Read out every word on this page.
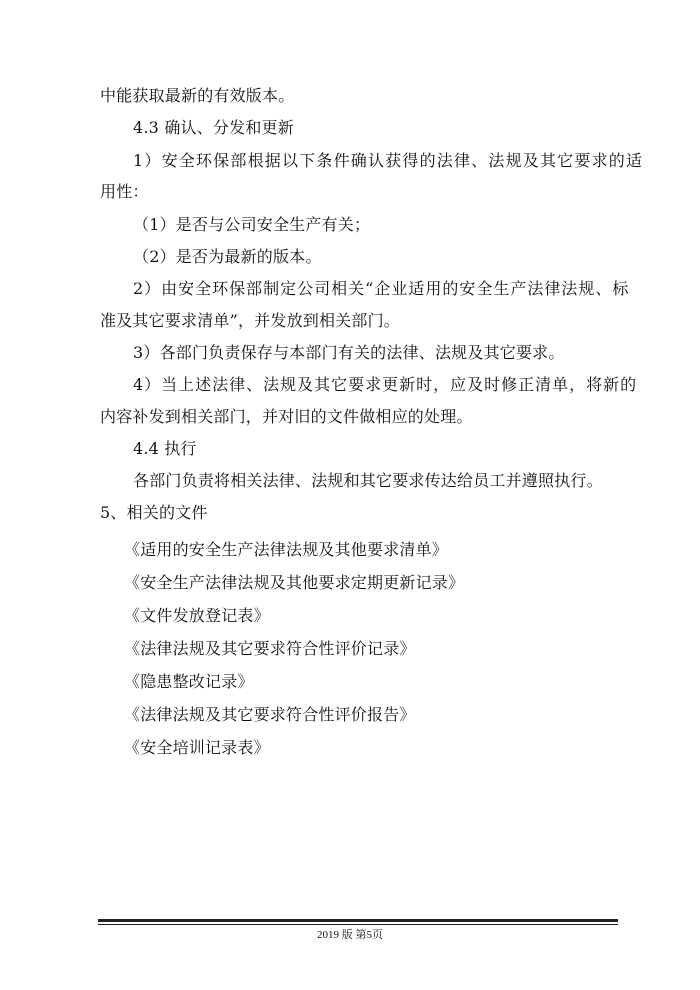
中能获取最新的有效版本。
4.3 确认、分发和更新
1）安全环保部根据以下条件确认获得的法律、法规及其它要求的适
用性：
（1）是否与公司安全生产有关；
（2）是否为最新的版本。
2）由安全环保部制定公司相关“企业适用的安全生产法律法规、标
准及其它要求清单”，并发放到相关部门。
3）各部门负责保存与本部门有关的法律、法规及其它要求。
4）当上述法律、法规及其它要求更新时，应及时修正清单，将新的
内容补发到相关部门，并对旧的文件做相应的处理。
4.4 执行
各部门负责将相关法律、法规和其它要求传达给员工并遵照执行。
5、相关的文件
《适用的安全生产法律法规及其他要求清单》
《安全生产法律法规及其他要求定期更新记录》
《文件发放登记表》
《法律法规及其它要求符合性评价记录》
《隐患整改记录》
《法律法规及其它要求符合性评价报告》
《安全培训记录表》
2019 版 第5页
